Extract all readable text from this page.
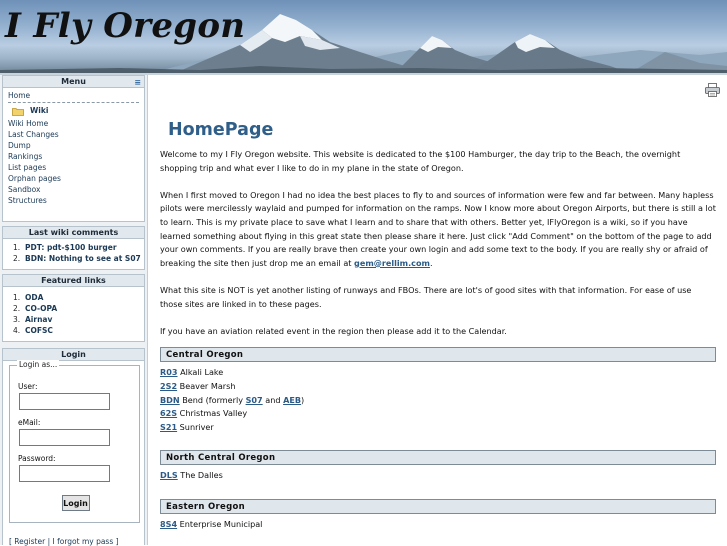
I Fly Oregon
Menu	≡
Home
Wiki
Wiki Home
Last Changes
Dump
Rankings
List pages
Orphan pages
Sandbox
Structures
Last wiki comments
1. PDT: pdt-$100 burger
2. BDN: Nothing to see at S07
Featured links
1. ODA
2. CO-OPA
3. Airnav
4. COFSC
Login
Login as...
User:
eMail:
Password:
Login
[ Register | I forgot my pass ]
HomePage

Welcome to my I Fly Oregon website. This website is dedicated to the $100 Hamburger, the day trip to the Beach, the overnight shopping trip and what ever I like to do in my plane in the state of Oregon.

When I first moved to Oregon I had no idea the best places to fly to and sources of information were few and far between. Many hapless pilots were mercilessly waylaid and pumped for information on the ramps. Now I know more about Oregon Airports, but there is still a lot to learn. This is my private place to save what I learn and to share that with others. Better yet, IFlyOregon is a wiki, so if you have learned something about flying in this great state then please share it here. Just click "Add Comment" on the bottom of the page to add your own comments. If you are really brave then create your own login and add some text to the body. If you are really shy or afraid of breaking the site then just drop me an email at gem@rellim.com.

What this site is NOT is yet another listing of runways and FBOs. There are lot's of good sites with that information. For ease of use those sites are linked in to these pages.

If you have an aviation related event in the region then please add it to the Calendar.

Central Oregon
R03 Alkali Lake
2S2 Beaver Marsh
BDN Bend (formerly S07 and AEB)
62S Christmas Valley
S21 Sunriver
North Central Oregon
DLS The Dalles
Eastern Oregon
8S4 Enterprise Municipal
